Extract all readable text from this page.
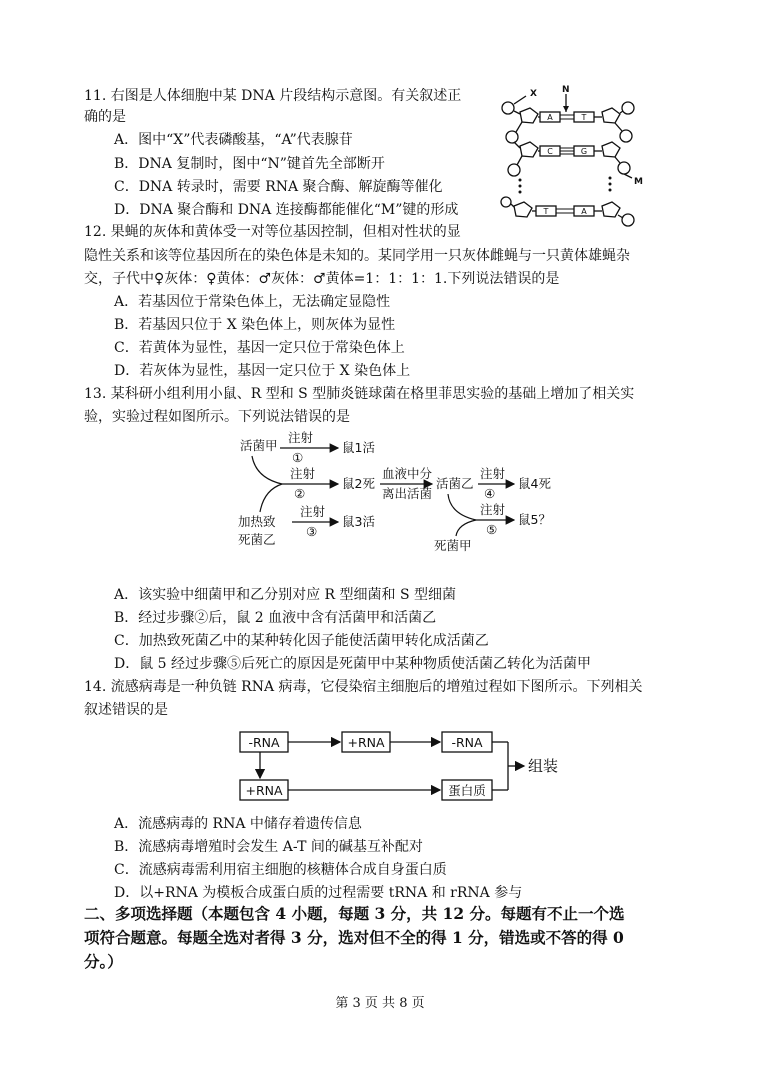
11. 右图是人体细胞中某 DNA 片段结构示意图。有关叙述正
确的是
A．图中“X”代表磷酸基，“A”代表腺苷
B．DNA 复制时，图中“N”键首先全部断开
C．DNA 转录时，需要 RNA 聚合酶、解旋酶等催化
D．DNA 聚合酶和 DNA 连接酶都能催化“M”键的形成
A	T
C	G
T	A
X	N
M
12. 果蝇的灰体和黄体受一对等位基因控制，但相对性状的显
隐性关系和该等位基因所在的染色体是未知的。某同学用一只灰体雌蝇与一只黄体雄蝇杂
交，子代中♀灰体：♀黄体：♂灰体：♂黄体=1：1：1：1.下列说法错误的是
A．若基因位于常染色体上，无法确定显隐性
B．若基因只位于 X 染色体上，则灰体为显性
C．若黄体为显性，基因一定只位于常染色体上
D．若灰体为显性，基因一定只位于 X 染色体上
13. 某科研小组利用小鼠、R 型和 S 型肺炎链球菌在格里菲思实验的基础上增加了相关实
验，实验过程如图所示。下列说法错误的是
活菌甲
注射
①
鼠1活
注射
②
鼠2死
血液中分
离出活菌
活菌乙
注射
④
鼠4死
加热致
死菌乙
注射
③
鼠3活
注射
⑤
鼠5？
死菌甲
A．该实验中细菌甲和乙分别对应 R 型细菌和 S 型细菌
B．经过步骤②后，鼠 2 血液中含有活菌甲和活菌乙
C．加热致死菌乙中的某种转化因子能使活菌甲转化成活菌乙
D．鼠 5 经过步骤⑤后死亡的原因是死菌甲中某种物质使活菌乙转化为活菌甲
14. 流感病毒是一种负链 RNA 病毒，它侵染宿主细胞后的增殖过程如下图所示。下列相关
叙述错误的是
-RNA	+RNA	-RNA
+RNA	蛋白质
组装
A．流感病毒的 RNA 中储存着遗传信息
B．流感病毒增殖时会发生 A-T 间的碱基互补配对
C．流感病毒需利用宿主细胞的核糖体合成自身蛋白质
D．以+RNA 为模板合成蛋白质的过程需要 tRNA 和 rRNA 参与
二、多项选择题（本题包含 4 小题，每题 3 分，共 12 分。每题有不止一个选
项符合题意。每题全选对者得 3 分，选对但不全的得 1 分，错选或不答的得 0
分。）
第 3 页 共 8 页
